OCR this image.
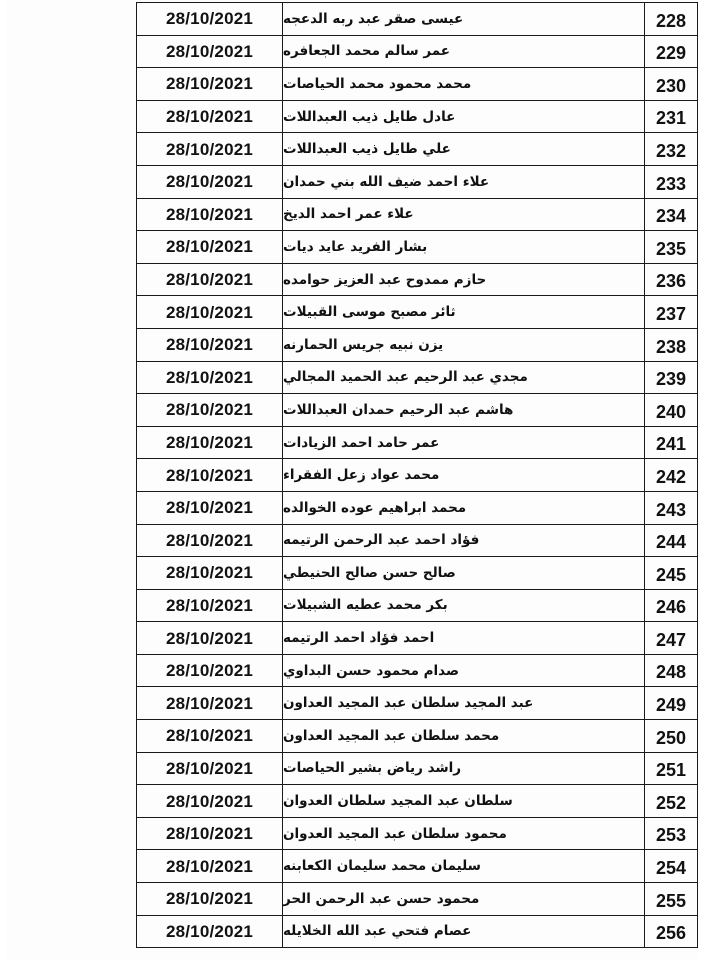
28/10/2021	عيسى صقر عبد ربه الدعجه	228
28/10/2021	عمر سالم محمد الجعافره	229
28/10/2021	محمد محمود محمد الحياصات	230
28/10/2021	عادل طايل ذيب العبداللات	231
28/10/2021	علي طايل ذيب العبداللات	232
28/10/2021	علاء احمد ضيف الله بني حمدان	233
28/10/2021	علاء عمر احمد الديخ	234
28/10/2021	بشار الفريد عايد ديات	235
28/10/2021	حازم ممدوح عبد العزيز حوامده	236
28/10/2021	ثائر مصبح موسى القبيلات	237
28/10/2021	يزن نبيه جريس الحمارنه	238
28/10/2021	مجدي عبد الرحيم عبد الحميد المجالي	239
28/10/2021	هاشم عبد الرحيم حمدان العبداللات	240
28/10/2021	عمر حامد احمد الزيادات	241
28/10/2021	محمد عواد زعل الفقراء	242
28/10/2021	محمد ابراهيم عوده الخوالده	243
28/10/2021	فؤاد احمد عبد الرحمن الرتيمه	244
28/10/2021	صالح حسن صالح الحنيطي	245
28/10/2021	بكر محمد عطيه الشبيلات	246
28/10/2021	احمد فؤاد احمد الرتيمه	247
28/10/2021	صدام محمود حسن البداوي	248
28/10/2021	عبد المجيد سلطان عبد المجيد العداون	249
28/10/2021	محمد سلطان عبد المجيد العداون	250
28/10/2021	راشد رياض بشير الحياصات	251
28/10/2021	سلطان عبد المجيد سلطان العدوان	252
28/10/2021	محمود سلطان عبد المجيد العدوان	253
28/10/2021	سليمان محمد سليمان الكعابنه	254
28/10/2021	محمود حسن عبد الرحمن الحر	255
28/10/2021	عصام فتحي عبد الله الخلايله	256
